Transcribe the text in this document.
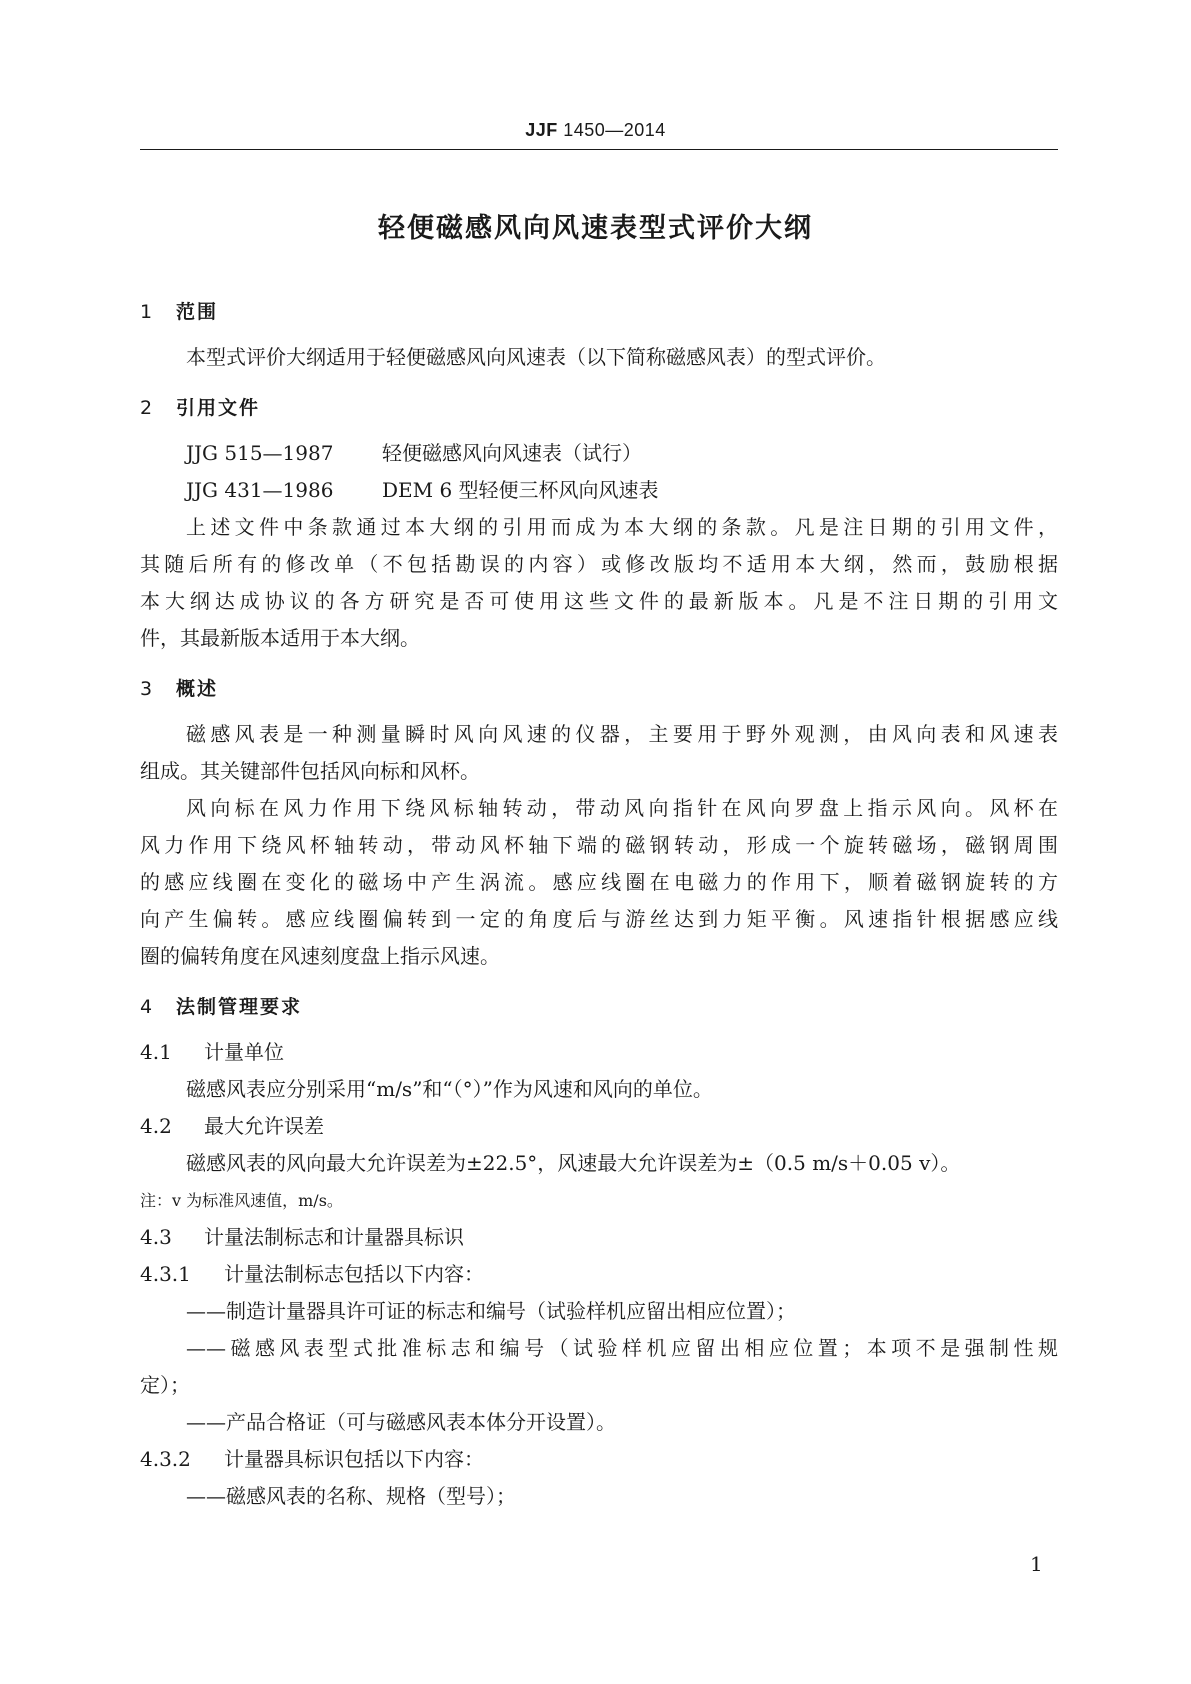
JJF 1450—2014
轻便磁感风向风速表型式评价大纲
1 范围
本型式评价大纲适用于轻便磁感风向风速表（以下简称磁感风表）的型式评价。
2 引用文件
JJG 515—1987 轻便磁感风向风速表（试行）
JJG 431—1986 DEM 6 型轻便三杯风向风速表
上述文件中条款通过本大纲的引用而成为本大纲的条款。凡是注日期的引用文件，
其随后所有的修改单（不包括勘误的内容）或修改版均不适用本大纲，然而，鼓励根据
本大纲达成协议的各方研究是否可使用这些文件的最新版本。凡是不注日期的引用文
件，其最新版本适用于本大纲。
3 概述
磁感风表是一种测量瞬时风向风速的仪器，主要用于野外观测，由风向表和风速表
组成。其关键部件包括风向标和风杯。
风向标在风力作用下绕风标轴转动，带动风向指针在风向罗盘上指示风向。风杯在
风力作用下绕风杯轴转动，带动风杯轴下端的磁钢转动，形成一个旋转磁场，磁钢周围
的感应线圈在变化的磁场中产生涡流。感应线圈在电磁力的作用下，顺着磁钢旋转的方
向产生偏转。感应线圈偏转到一定的角度后与游丝达到力矩平衡。风速指针根据感应线
圈的偏转角度在风速刻度盘上指示风速。
4 法制管理要求
4.1 计量单位
磁感风表应分别采用“m/s”和“（°）”作为风速和风向的单位。
4.2 最大允许误差
磁感风表的风向最大允许误差为±22.5°，风速最大允许误差为±（0.5 m/s＋0.05 v）。
注：v 为标准风速值，m/s。
4.3 计量法制标志和计量器具标识
4.3.1 计量法制标志包括以下内容：
——制造计量器具许可证的标志和编号（试验样机应留出相应位置）；
——磁感风表型式批准标志和编号（试验样机应留出相应位置；本项不是强制性规
定）；
——产品合格证（可与磁感风表本体分开设置）。
4.3.2 计量器具标识包括以下内容：
——磁感风表的名称、规格（型号）；
1
